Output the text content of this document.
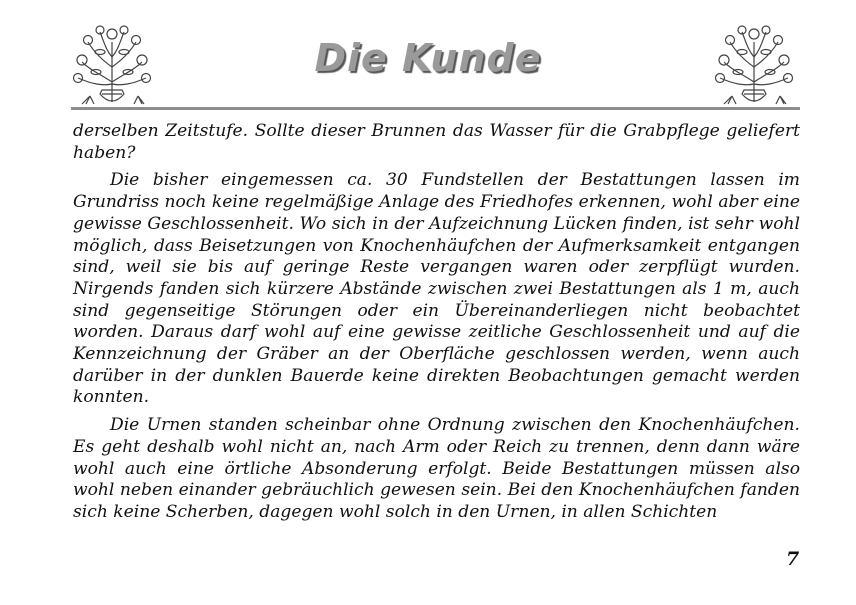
Die Kunde

derselben Zeitstufe. Sollte dieser Brunnen das Wasser für die Grabpflege geliefert haben?

Die bisher eingemessen ca. 30 Fundstellen der Bestattungen lassen im Grundriss noch keine regelmäßige Anlage des Friedhofes erkennen, wohl aber eine gewisse Geschlossenheit. Wo sich in der Aufzeichnung Lücken finden, ist sehr wohl möglich, dass Beisetzungen von Knochenhäufchen der Aufmerksamkeit entgangen sind, weil sie bis auf geringe Reste vergangen waren oder zerpflügt wurden. Nirgends fanden sich kürzere Abstände zwischen zwei Bestattungen als 1 m, auch sind gegenseitige Störungen oder ein Übereinanderliegen nicht beobachtet worden. Daraus darf wohl auf eine gewisse zeitliche Geschlossenheit und auf die Kennzeichnung der Gräber an der Oberfläche geschlossen werden, wenn auch darüber in der dunklen Bauerde keine direkten Beobachtungen gemacht werden konnten.

Die Urnen standen scheinbar ohne Ordnung zwischen den Knochenhäufchen. Es geht deshalb wohl nicht an, nach Arm oder Reich zu trennen, denn dann wäre wohl auch eine örtliche Absonderung erfolgt. Beide Bestattungen müssen also wohl neben einander gebräuchlich gewesen sein. Bei den Knochenhäufchen fanden sich keine Scherben, dagegen wohl solch in den Urnen, in allen Schichten

7
